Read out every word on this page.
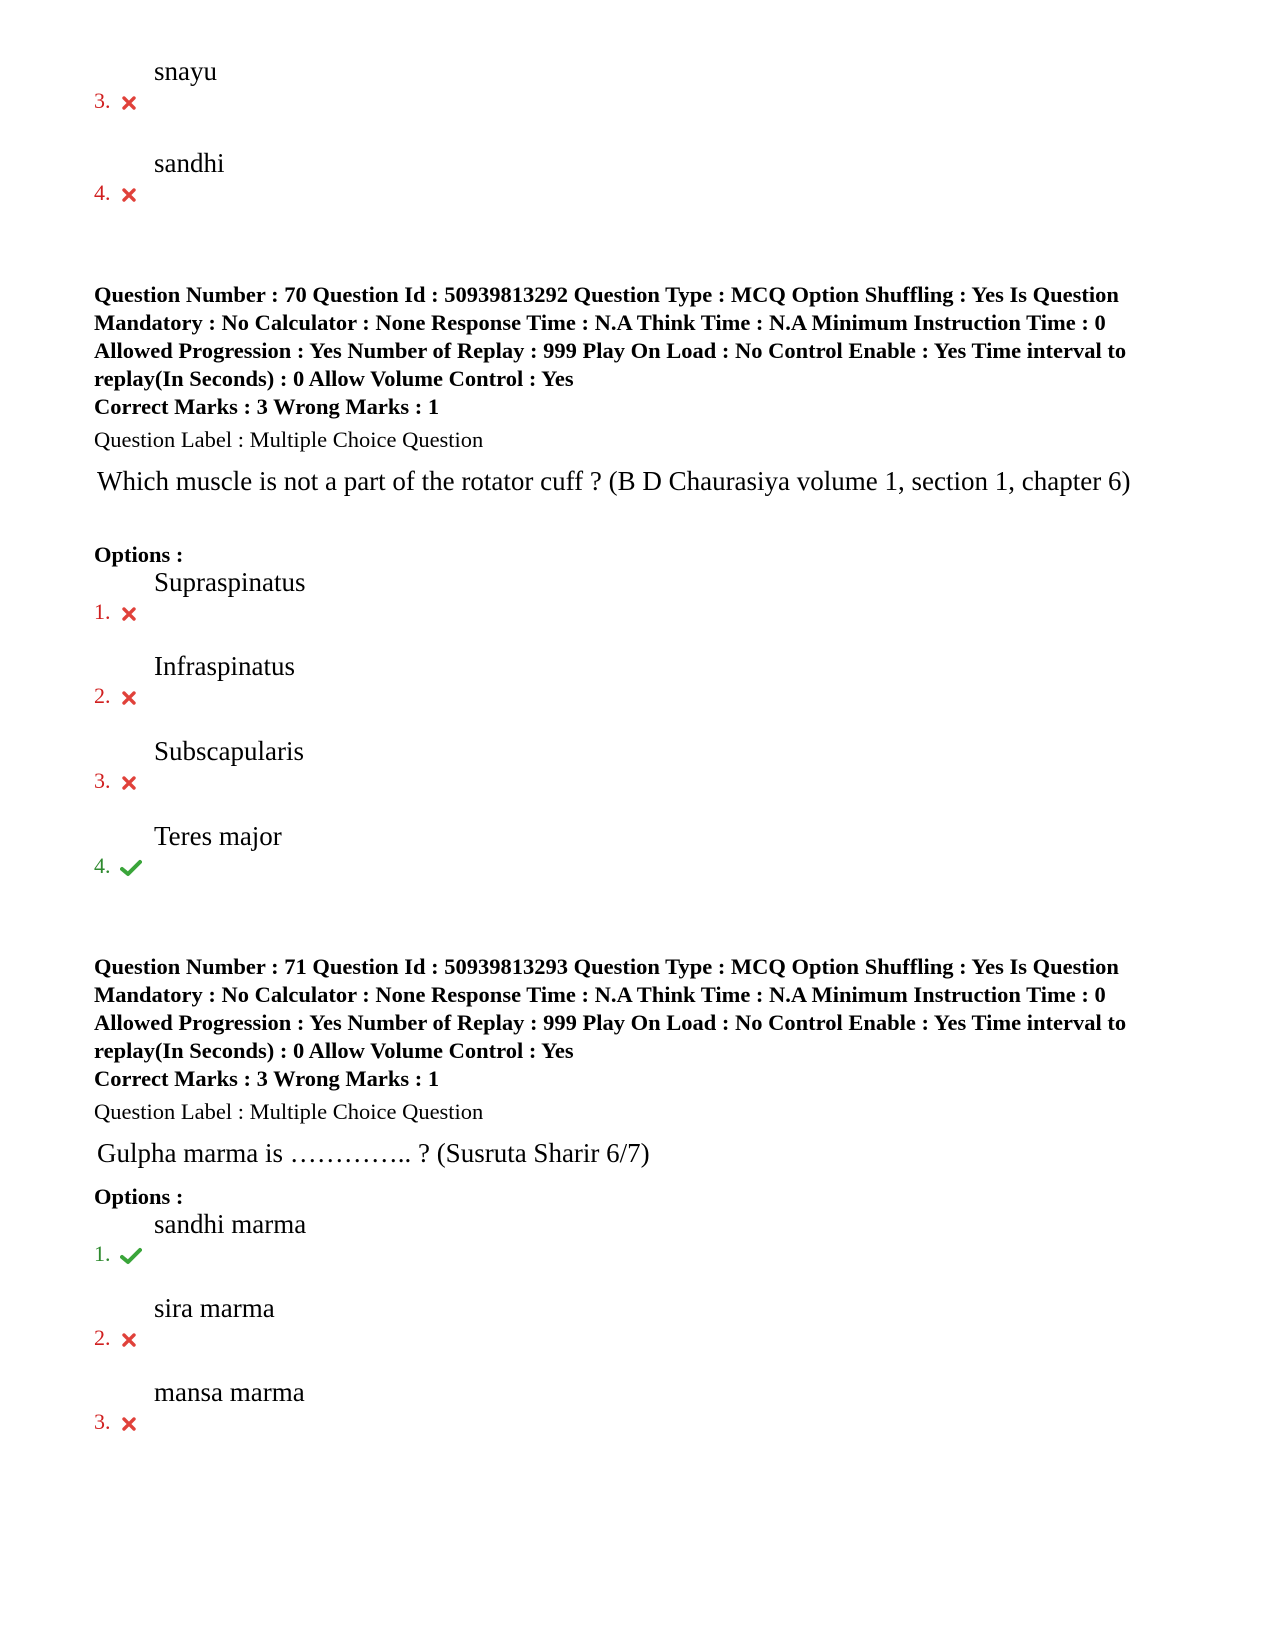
3.
snayu
4.
sandhi
Question Number : 70 Question Id : 50939813292 Question Type : MCQ Option Shuffling : Yes Is Question Mandatory : No Calculator : None Response Time : N.A Think Time : N.A Minimum Instruction Time : 0 Allowed Progression : Yes Number of Replay : 999 Play On Load : No Control Enable : Yes Time interval to replay(In Seconds) : 0 Allow Volume Control : Yes
Correct Marks : 3 Wrong Marks : 1
Question Label : Multiple Choice Question
Which muscle is not a part of the rotator cuff ? (B D Chaurasiya volume 1, section 1, chapter 6)
Options :
1.
Supraspinatus
2.
Infraspinatus
3.
Subscapularis
4.
Teres major
Question Number : 71 Question Id : 50939813293 Question Type : MCQ Option Shuffling : Yes Is Question Mandatory : No Calculator : None Response Time : N.A Think Time : N.A Minimum Instruction Time : 0 Allowed Progression : Yes Number of Replay : 999 Play On Load : No Control Enable : Yes Time interval to replay(In Seconds) : 0 Allow Volume Control : Yes
Correct Marks : 3 Wrong Marks : 1
Question Label : Multiple Choice Question
Gulpha marma is ………….. ? (Susruta Sharir 6/7)
Options :
1.
sandhi marma
2.
sira marma
3.
mansa marma
